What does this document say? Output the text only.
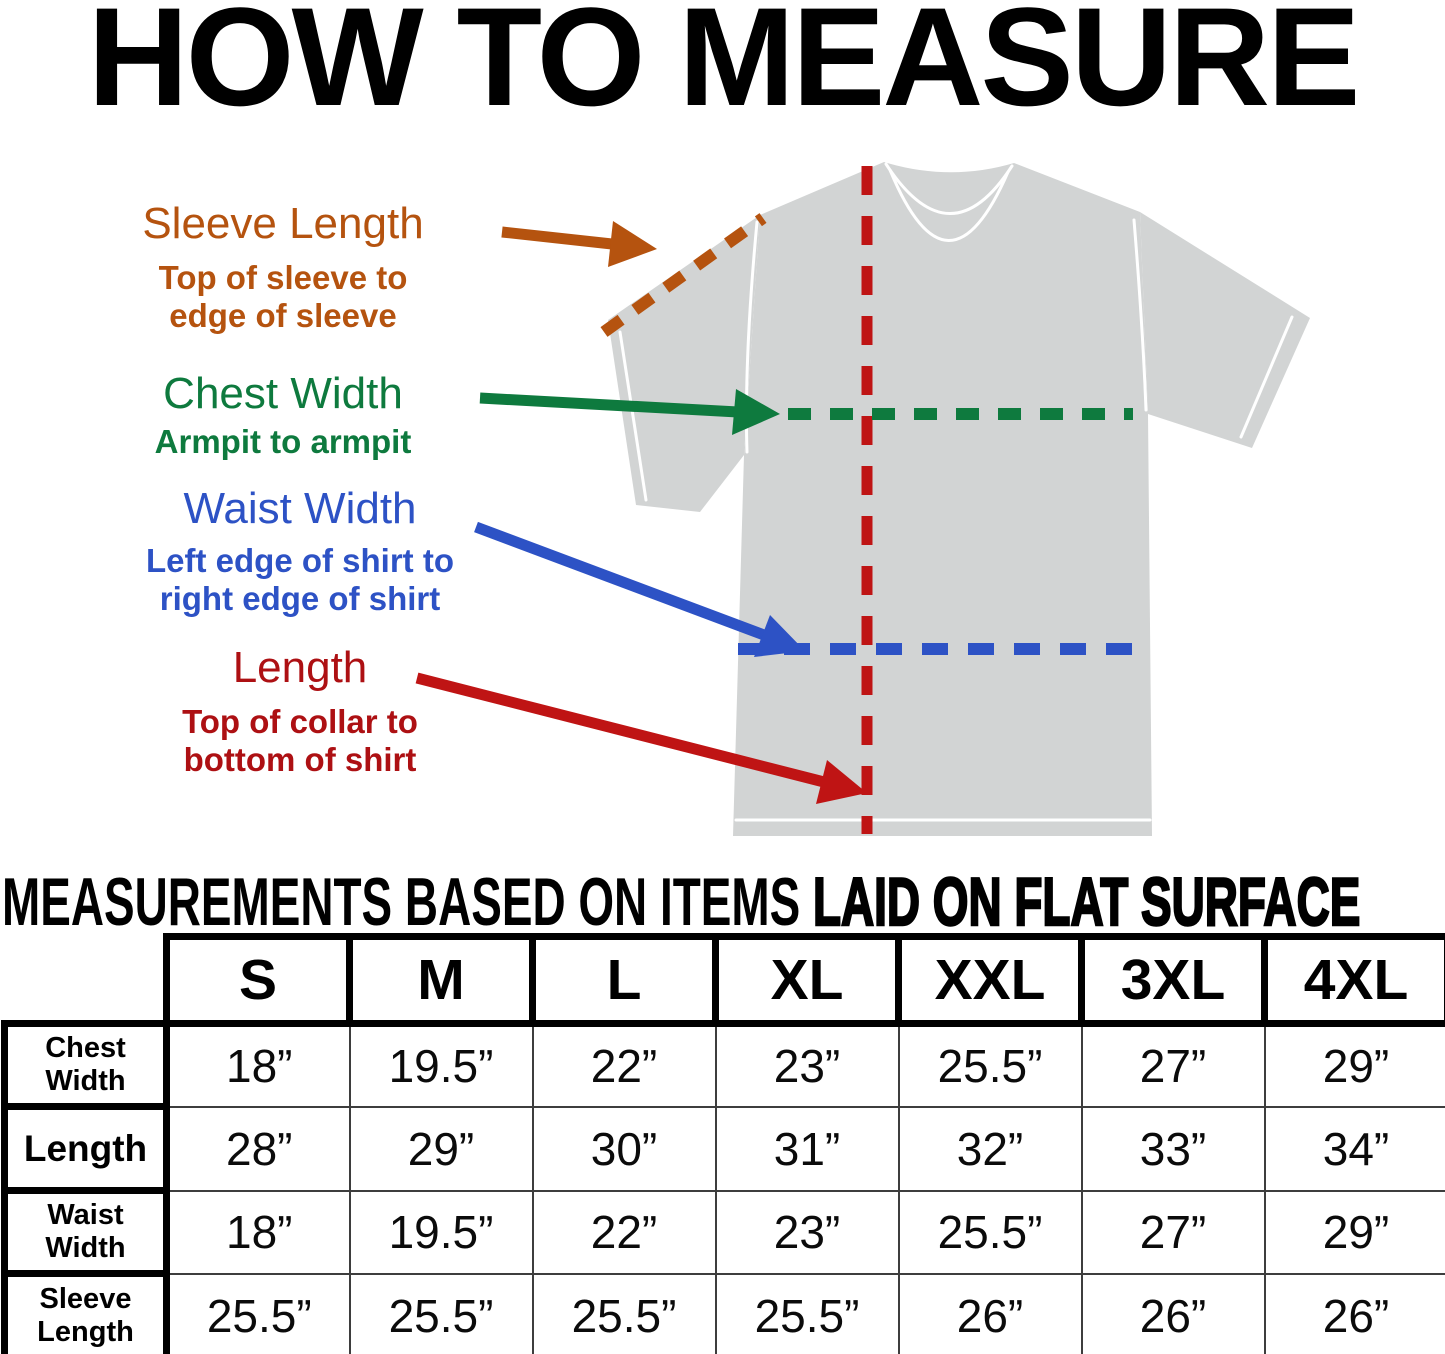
HOW TO MEASURE
Sleeve Length
Top of sleeve to
edge of sleeve
Chest Width
Armpit to armpit
Waist Width
Left edge of shirt to
right edge of shirt
Length
Top of collar to
bottom of shirt
MEASUREMENTS BASED ON ITEMS LAID ON FLAT SURFACE
	S	M	L	XL	XXL	3XL	4XL

Chest
Width	18”	19.5”	22”	23”	25.5”	27”	29”

Length	28”	29”	30”	31”	32”	33”	34”

Waist
Width	18”	19.5”	22”	23”	25.5”	27”	29”

Sleeve
Length	25.5”	25.5”	25.5”	25.5”	26”	26”	26”
